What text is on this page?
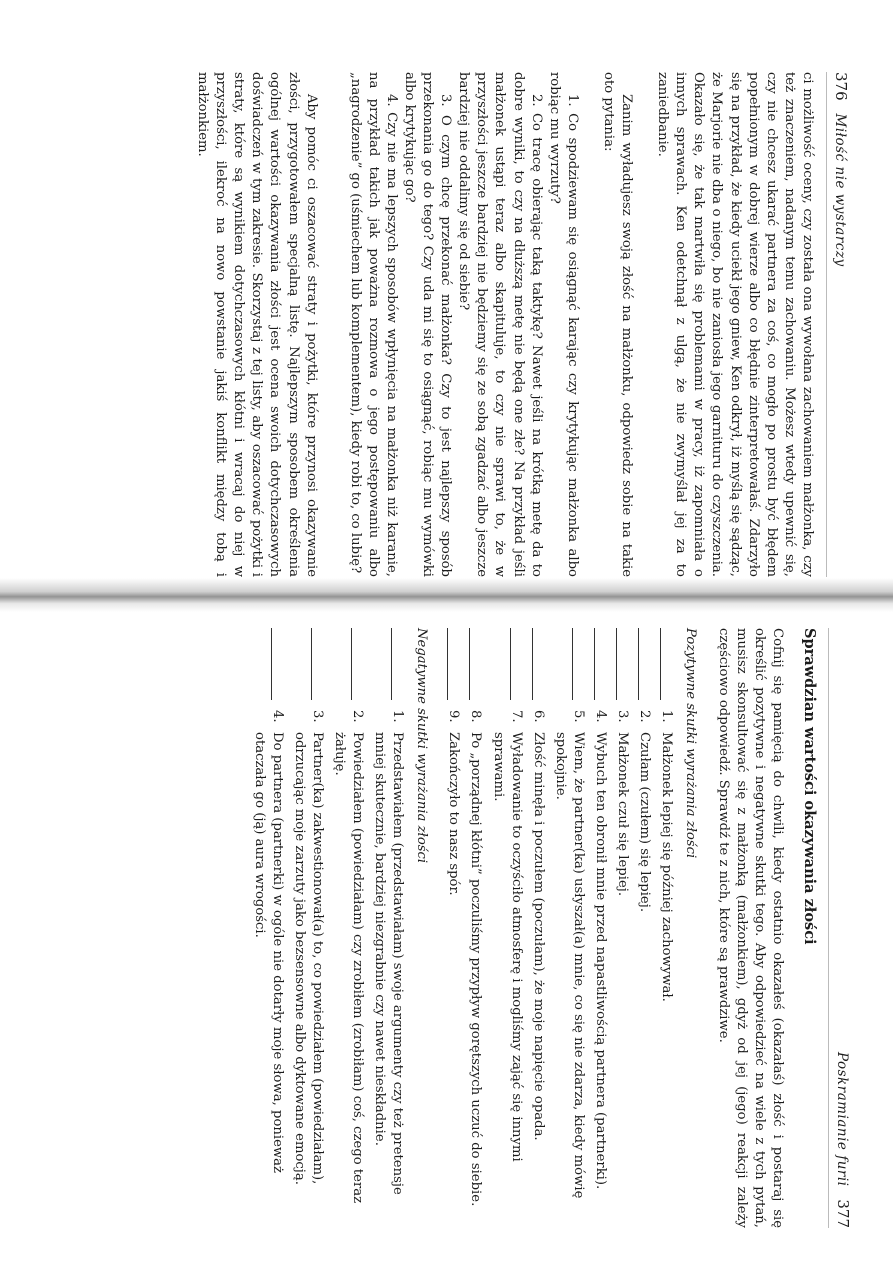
376   Miłość nie wystarczy

ci możliwość oceny, czy została ona wywołana zachowaniem małżonka, czy też znaczeniem, nadanym temu zachowaniu. Możesz wtedy upewnić się, czy nie chcesz ukarać partnera za coś, co mogło po prostu być błędem popełnionym w dobrej wierze albo co błędnie zinterpretowałaś. Zdarzyło się na przykład, że kiedy uciekł jego gniew, Ken odkrył, iż myślą się sądząc, że Marjorie nie dba o niego, bo nie zaniosła jego garnituru do czyszczenia. Okazało się, że tak martwiła się problemami w pracy, iż zapomniała o innych sprawach. Ken odetchnął z ulgą, że nie zwymyślał jej za to zaniedbanie.

Zanim wyładujesz swoją złość na małżonku, odpowiedz sobie na takie oto pytania:

1. Co spodziewam się osiągnąć karając czy krytykując małżonka albo robiąc mu wyrzuty?

2. Co tracę obierając taką taktykę? Nawet jeśli na krótką metę da to dobre wyniki, to czy na dłuższą metę nie będą one złe? Na przykład jeśli małżonek ustąpi teraz albo skapituluje, to czy nie sprawi to, że w przyszłości jeszcze bardziej nie będziemy się ze sobą zgadzać albo jeszcze bardziej nie oddalimy się od siebie?

3. O czym chcę przekonać małżonka? Czy to jest najlepszy sposób przekonania go do tego? Czy uda mi się to osiągnąć, robiąc mu wymówki albo krytykując go?

4. Czy nie ma lepszych sposobów wpłynięcia na małżonka niż karanie, na przykład takich jak poważna rozmowa o jego postępowaniu albo „nagrodzenie” go (uśmiechem lub komplementem), kiedy robi to, co lubię?

Aby pomóc ci oszacować straty i pożytki, które przynosi okazywanie złości, przygotowałem specjalną listę. Najlepszym sposobem określenia ogólnej wartości okazywania złości jest ocena swoich dotychczasowych doświadczeń w tym zakresie. Skorzystaj z tej listy, aby oszacować pożytki i straty, które są wynikiem dotychczasowych kłótni i wracaj do niej w przyszłości, ilekroć na nowo powstanie jakiś konflikt między tobą i małżonkiem.

Poskramianie furii   377
Sprawdzian wartości okazywania złości

Cofnij się pamięcią do chwili, kiedy ostatnio okazałeś (okazałaś) złość i postaraj się określić pozytywne i negatywne skutki tego. Aby odpowiedzieć na wiele z tych pytań, musisz skonsultować się z małżonką (małżonkiem), gdyż od jej (jego) reakcji zależy częściowo odpowiedź. Sprawdź te z nich, które są prawdziwe.

Pozytywne skutki wyrażania złości
1.
Małżonek lepiej się później zachowywał.
2.
Czułam (czułem) się lepiej.
3.
Małżonek czuł się lepiej.
4.
Wybuch ten obronił mnie przed napastliwością partnera (partnerki).
5.
Wiem, że partner(ka) usłyszał(a) mnie, co się nie zdarza, kiedy mówię spokojnie.
6.
Złość minęła i poczułem (poczułam), że moje napięcie opada.
7.
Wyładowanie to oczyściło atmosferę i mogliśmy zająć się innymi sprawami.
8.
Po „porządnej kłótni” poczuliśmy przypływ gorętszych uczuć do siebie.
9.
Zakończyło to nasz spór.
Negatywne skutki wyrażania złości
1.
Przedstawiałem (przedstawiałam) swoje argumenty czy też pretensje mniej skutecznie, bardziej niezgrabnie czy nawet nieskładnie.
2.
Powiedziałem (powiedziałam) czy zrobiłem (zrobiłam) coś, czego teraz żałuję.
3.
Partner(ka) zakwestionował(a) to, co powiedziałem (powiedziałam), odrzucając moje zarzuty jako bezsensowne albo dyktowane emocją.
4.
Do partnera (partnerki) w ogóle nie dotarły moje słowa, ponieważ otaczała go (ją) aura wrogości.
